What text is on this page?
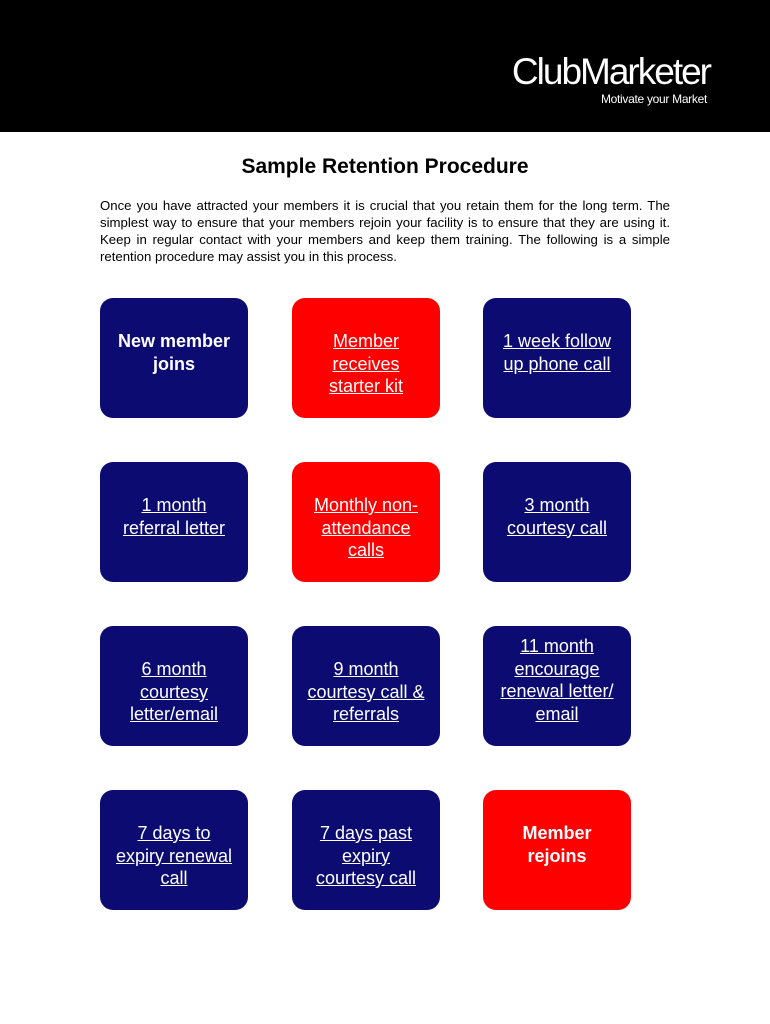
ClubMarketer
Motivate your Market
Sample Retention Procedure
Once you have attracted your members it is crucial that you retain them for the long term. The simplest way to ensure that your members rejoin your facility is to ensure that they are using it. Keep in regular contact with your members and keep them training. The following is a simple retention procedure may assist you in this process.
New member
joins
Member
receives
starter kit
1 week follow
up phone call
1 month
referral letter
Monthly non-
attendance
calls
3 month
courtesy call
6 month
courtesy
letter/email
9 month
courtesy call &
referrals
11 month
encourage
renewal letter/
email
7 days to
expiry renewal
call
7 days past
expiry
courtesy call
Member
rejoins
